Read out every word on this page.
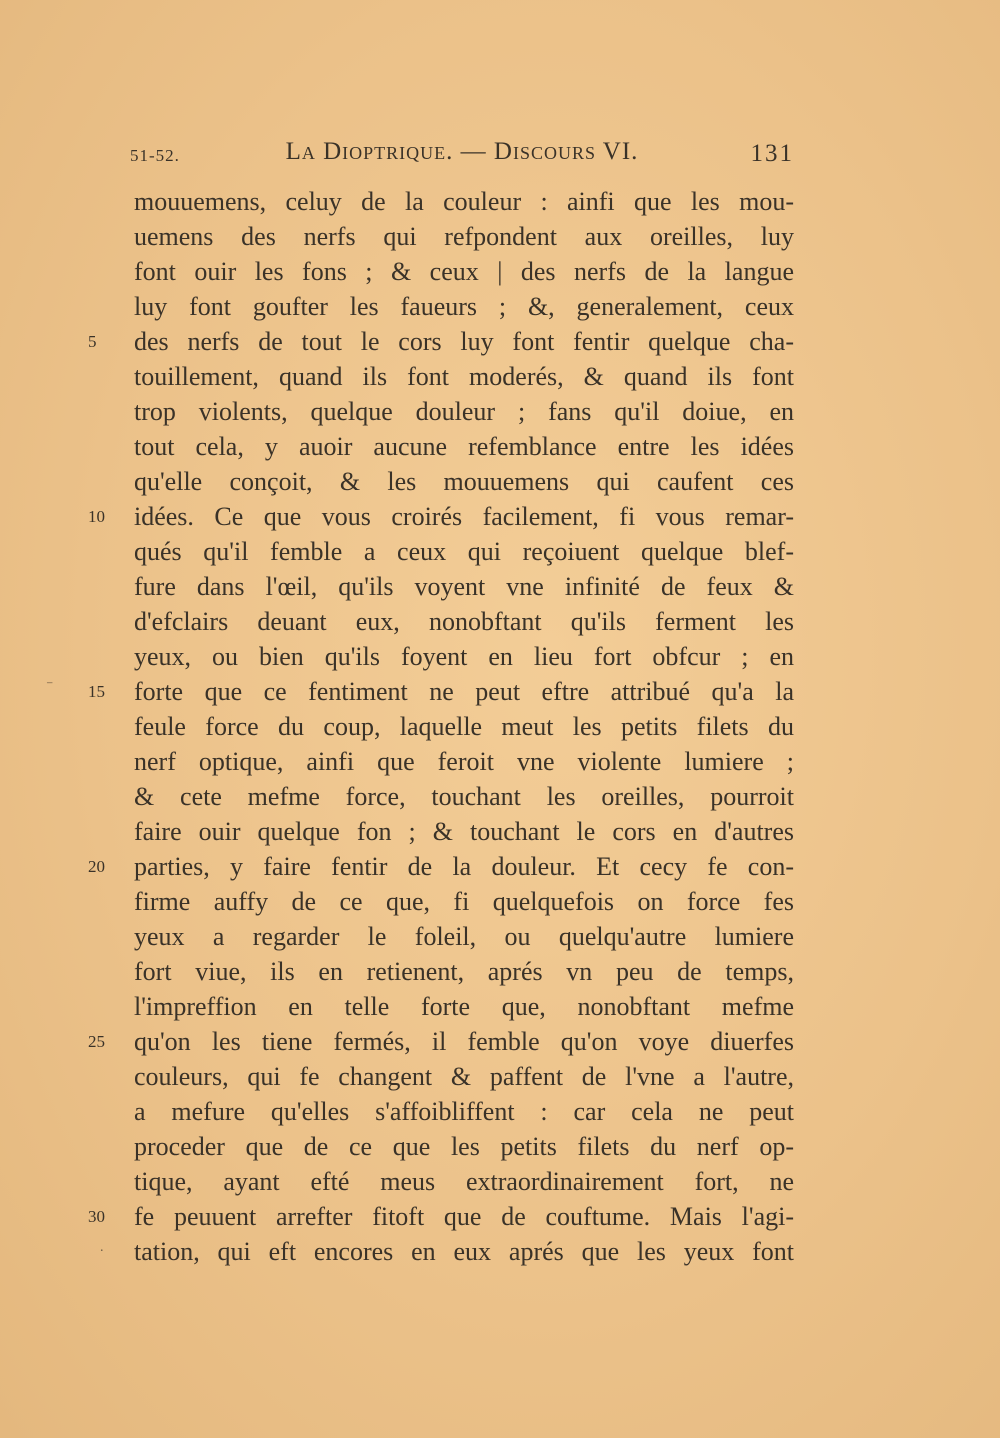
51-52.	La Dioptrique. — Discours VI.	131
mouuemens, celuy de la couleur : ainfi que les mou-
uemens des nerfs qui refpondent aux oreilles, luy
font ouir les fons ; & ceux | des nerfs de la langue
luy font goufter les faueurs ; &, generalement, ceux
des nerfs de tout le cors luy font fentir quelque cha-
touillement, quand ils font moderés, & quand ils font
trop violents, quelque douleur ; fans qu'il doiue, en
tout cela, y auoir aucune refemblance entre les idées
qu'elle conçoit, & les mouuemens qui caufent ces
idées. Ce que vous croirés facilement, fi vous remar-
qués qu'il femble a ceux qui reçoiuent quelque blef-
fure dans l'œil, qu'ils voyent vne infinité de feux &
d'efclairs deuant eux, nonobftant qu'ils ferment les
yeux, ou bien qu'ils foyent en lieu fort obfcur ; en
forte que ce fentiment ne peut eftre attribué qu'a la
feule force du coup, laquelle meut les petits filets du
nerf optique, ainfi que feroit vne violente lumiere ;
& cete mefme force, touchant les oreilles, pourroit
faire ouir quelque fon ; & touchant le cors en d'autres
parties, y faire fentir de la douleur. Et cecy fe con-
firme auffy de ce que, fi quelquefois on force fes
yeux a regarder le foleil, ou quelqu'autre lumiere
fort viue, ils en retienent, aprés vn peu de temps,
l'impreffion en telle forte que, nonobftant mefme
qu'on les tiene fermés, il femble qu'on voye diuerfes
couleurs, qui fe changent & paffent de l'vne a l'autre,
a mefure qu'elles s'affoibliffent : car cela ne peut
proceder que de ce que les petits filets du nerf op-
tique, ayant efté meus extraordinairement fort, ne
fe peuuent arrefter fitoft que de couftume. Mais l'agi-
tation, qui eft encores en eux aprés que les yeux font
⁻
.
5
10
15
20
25
30
